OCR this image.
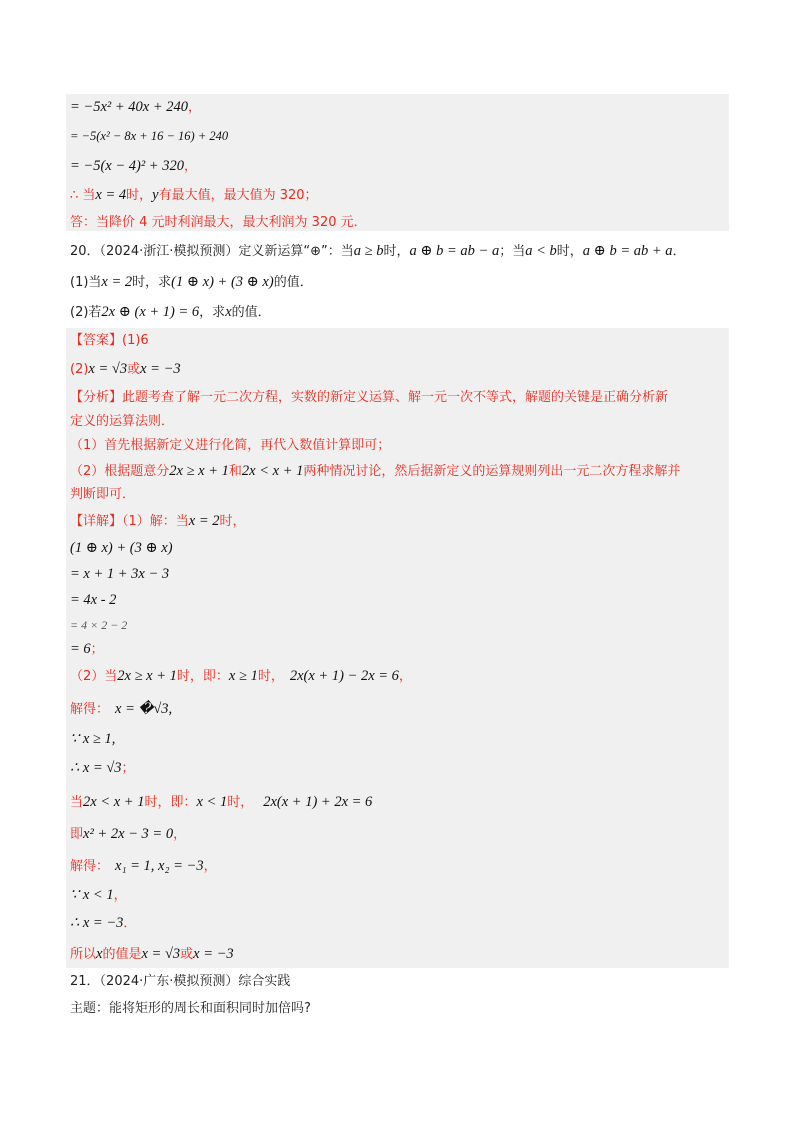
= −5x² + 40x + 240，
= −5(x² − 8x + 16 − 16) + 240
= −5(x − 4)² + 320，
∴ 当x = 4时，y有最大值，最大值为 320；
答：当降价 4 元时利润最大，最大利润为 320 元．
20．（2024·浙江·模拟预测）定义新运算“⊕”：当a ≥ b时，a ⊕ b = ab − a；当a < b时，a ⊕ b = ab + a．
(1)当x = 2时，求(1 ⊕ x) + (3 ⊕ x)的值．
(2)若2x ⊕ (x + 1) = 6，求x的值．
【答案】(1)6
(2)x = √3或x = −3
【分析】此题考查了解一元二次方程，实数的新定义运算、解一元一次不等式，解题的关键是正确分析新
定义的运算法则．
（1）首先根据新定义进行化简，再代入数值计算即可；
（2）根据题意分2x ≥ x + 1和2x < x + 1两种情况讨论，然后据新定义的运算规则列出一元二次方程求解并
判断即可．
【详解】（1）解：当x = 2时，
(1 ⊕ x) + (3 ⊕ x)
= x + 1 + 3x − 3
= 4x - 2
= 4 × 2 − 2
= 6；
（2）当2x ≥ x + 1时，即：x ≥ 1时， 2x(x + 1) − 2x = 6，
解得： x = �√3,
∵ x ≥ 1,
∴ x = √3；
当2x < x + 1时，即：x < 1时， 2x(x + 1) + 2x = 6
即x² + 2x − 3 = 0，
解得： x₁ = 1, x₂ = −3，
∵ x < 1，
∴ x = −3．
所以x的值是x = √3或x = −3
21．（2024·广东·模拟预测）综合实践
主题：能将矩形的周长和面积同时加倍吗?
